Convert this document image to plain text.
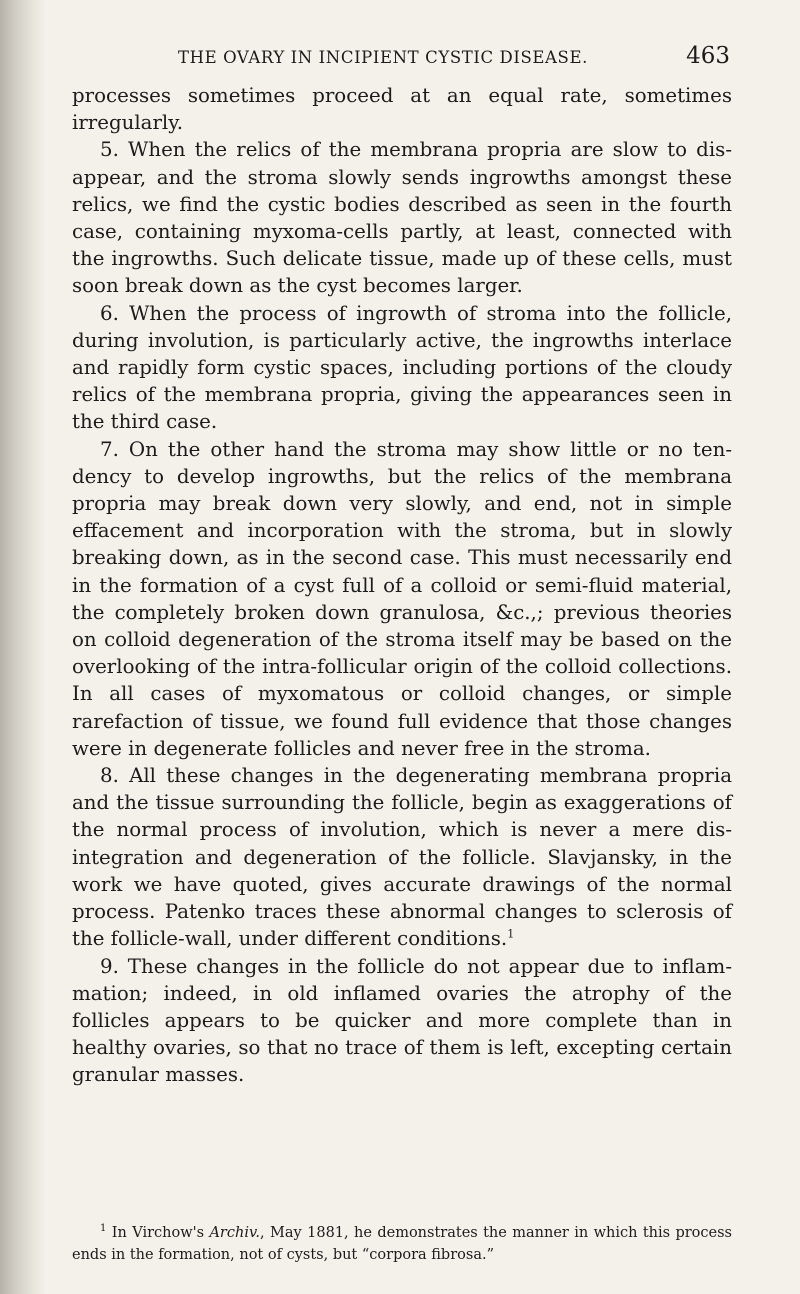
THE OVARY IN INCIPIENT CYSTIC DISEASE.	463

processes sometimes proceed at an equal rate, sometimes irregularly.

5. When the relics of the membrana propria are slow to disappear, and the stroma slowly sends ingrowths amongst these relics, we find the cystic bodies described as seen in the fourth case, containing myxoma-cells partly, at least, connected with the ingrowths. Such delicate tissue, made up of these cells, must soon break down as the cyst becomes larger.

6. When the process of ingrowth of stroma into the follicle, during involution, is particularly active, the ingrowths interlace and rapidly form cystic spaces, including portions of the cloudy relics of the membrana propria, giving the appearances seen in the third case.

7. On the other hand the stroma may show little or no tendency to develop ingrowths, but the relics of the membrana propria may break down very slowly, and end, not in simple effacement and incorporation with the stroma, but in slowly breaking down, as in the second case. This must necessarily end in the formation of a cyst full of a colloid or semi-fluid material, the completely broken down granulosa, &c.,; previous theories on colloid degeneration of the stroma itself may be based on the overlooking of the intra-follicular origin of the colloid collections. In all cases of myxomatous or colloid changes, or simple rarefaction of tissue, we found full evidence that those changes were in degenerate follicles and never free in the stroma.

8. All these changes in the degenerating membrana propria and the tissue surrounding the follicle, begin as exaggerations of the normal process of involution, which is never a mere disintegration and degeneration of the follicle. Slavjansky, in the work we have quoted, gives accurate drawings of the normal process. Patenko traces these abnormal changes to sclerosis of the follicle-wall, under different conditions.$^1$

9. These changes in the follicle do not appear due to inflammation; indeed, in old inflamed ovaries the atrophy of the follicles appears to be quicker and more complete than in healthy ovaries, so that no trace of them is left, excepting certain granular masses.

$^1$ In Virchow's Archiv., May 1881, he demonstrates the manner in which this process ends in the formation, not of cysts, but “corpora fibrosa.”
